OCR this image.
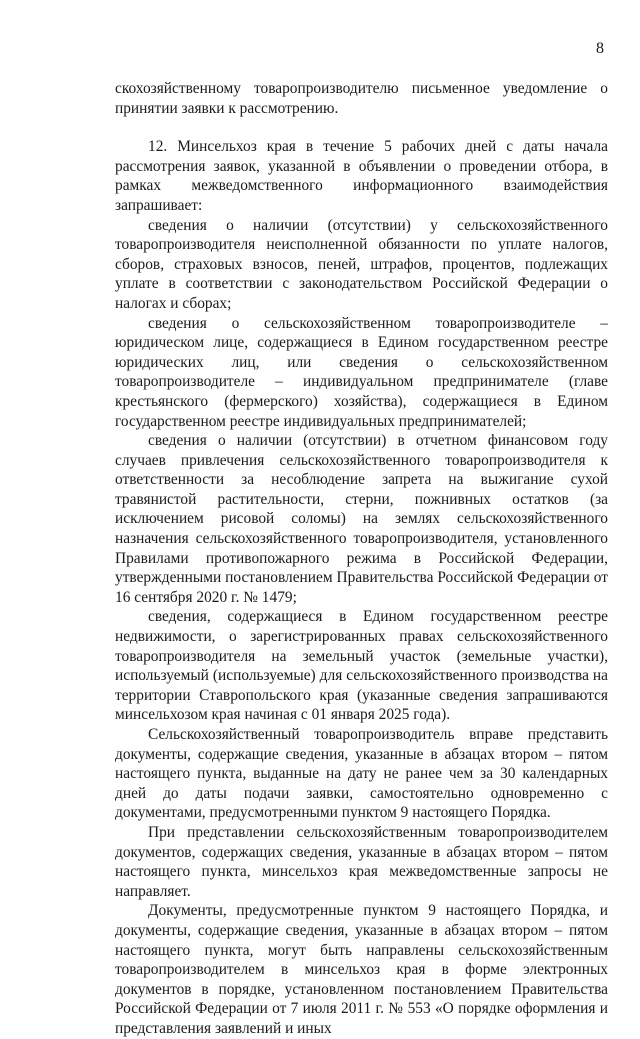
8

скохозяйственному товаропроизводителю письменное уведомление о принятии заявки к рассмотрению.

12. Минсельхоз края в течение 5 рабочих дней с даты начала рассмотрения заявок, указанной в объявлении о проведении отбора, в рамках межведомственного информационного взаимодействия запрашивает:

сведения о наличии (отсутствии) у сельскохозяйственного товаропроизводителя неисполненной обязанности по уплате налогов, сборов, страховых взносов, пеней, штрафов, процентов, подлежащих уплате в соответствии с законодательством Российской Федерации о налогах и сборах;

сведения о сельскохозяйственном товаропроизводителе – юридическом лице, содержащиеся в Едином государственном реестре юридических лиц, или сведения о сельскохозяйственном товаропроизводителе – индивидуальном предпринимателе (главе крестьянского (фермерского) хозяйства), содержащиеся в Едином государственном реестре индивидуальных предпринимателей;

сведения о наличии (отсутствии) в отчетном финансовом году случаев привлечения сельскохозяйственного товаропроизводителя к ответственности за несоблюдение запрета на выжигание сухой травянистой растительности, стерни, пожнивных остатков (за исключением рисовой соломы) на землях сельскохозяйственного назначения сельскохозяйственного товаропроизводителя, установленного Правилами противопожарного режима в Российской Федерации, утвержденными постановлением Правительства Российской Федерации от 16 сентября 2020 г. № 1479;

сведения, содержащиеся в Едином государственном реестре недвижимости, о зарегистрированных правах сельскохозяйственного товаропроизводителя на земельный участок (земельные участки), используемый (используемые) для сельскохозяйственного производства на территории Ставропольского края (указанные сведения запрашиваются минсельхозом края начиная с 01 января 2025 года).

Сельскохозяйственный товаропроизводитель вправе представить документы, содержащие сведения, указанные в абзацах втором – пятом настоящего пункта, выданные на дату не ранее чем за 30 календарных дней до даты подачи заявки, самостоятельно одновременно с документами, предусмотренными пунктом 9 настоящего Порядка.

При представлении сельскохозяйственным товаропроизводителем документов, содержащих сведения, указанные в абзацах втором – пятом настоящего пункта, минсельхоз края межведомственные запросы не направляет.

Документы, предусмотренные пунктом 9 настоящего Порядка, и документы, содержащие сведения, указанные в абзацах втором – пятом настоящего пункта, могут быть направлены сельскохозяйственным товаропроизводителем в минсельхоз края в форме электронных документов в порядке, установленном постановлением Правительства Российской Федерации от 7 июля 2011 г. № 553 «О порядке оформления и представления заявлений и иных
